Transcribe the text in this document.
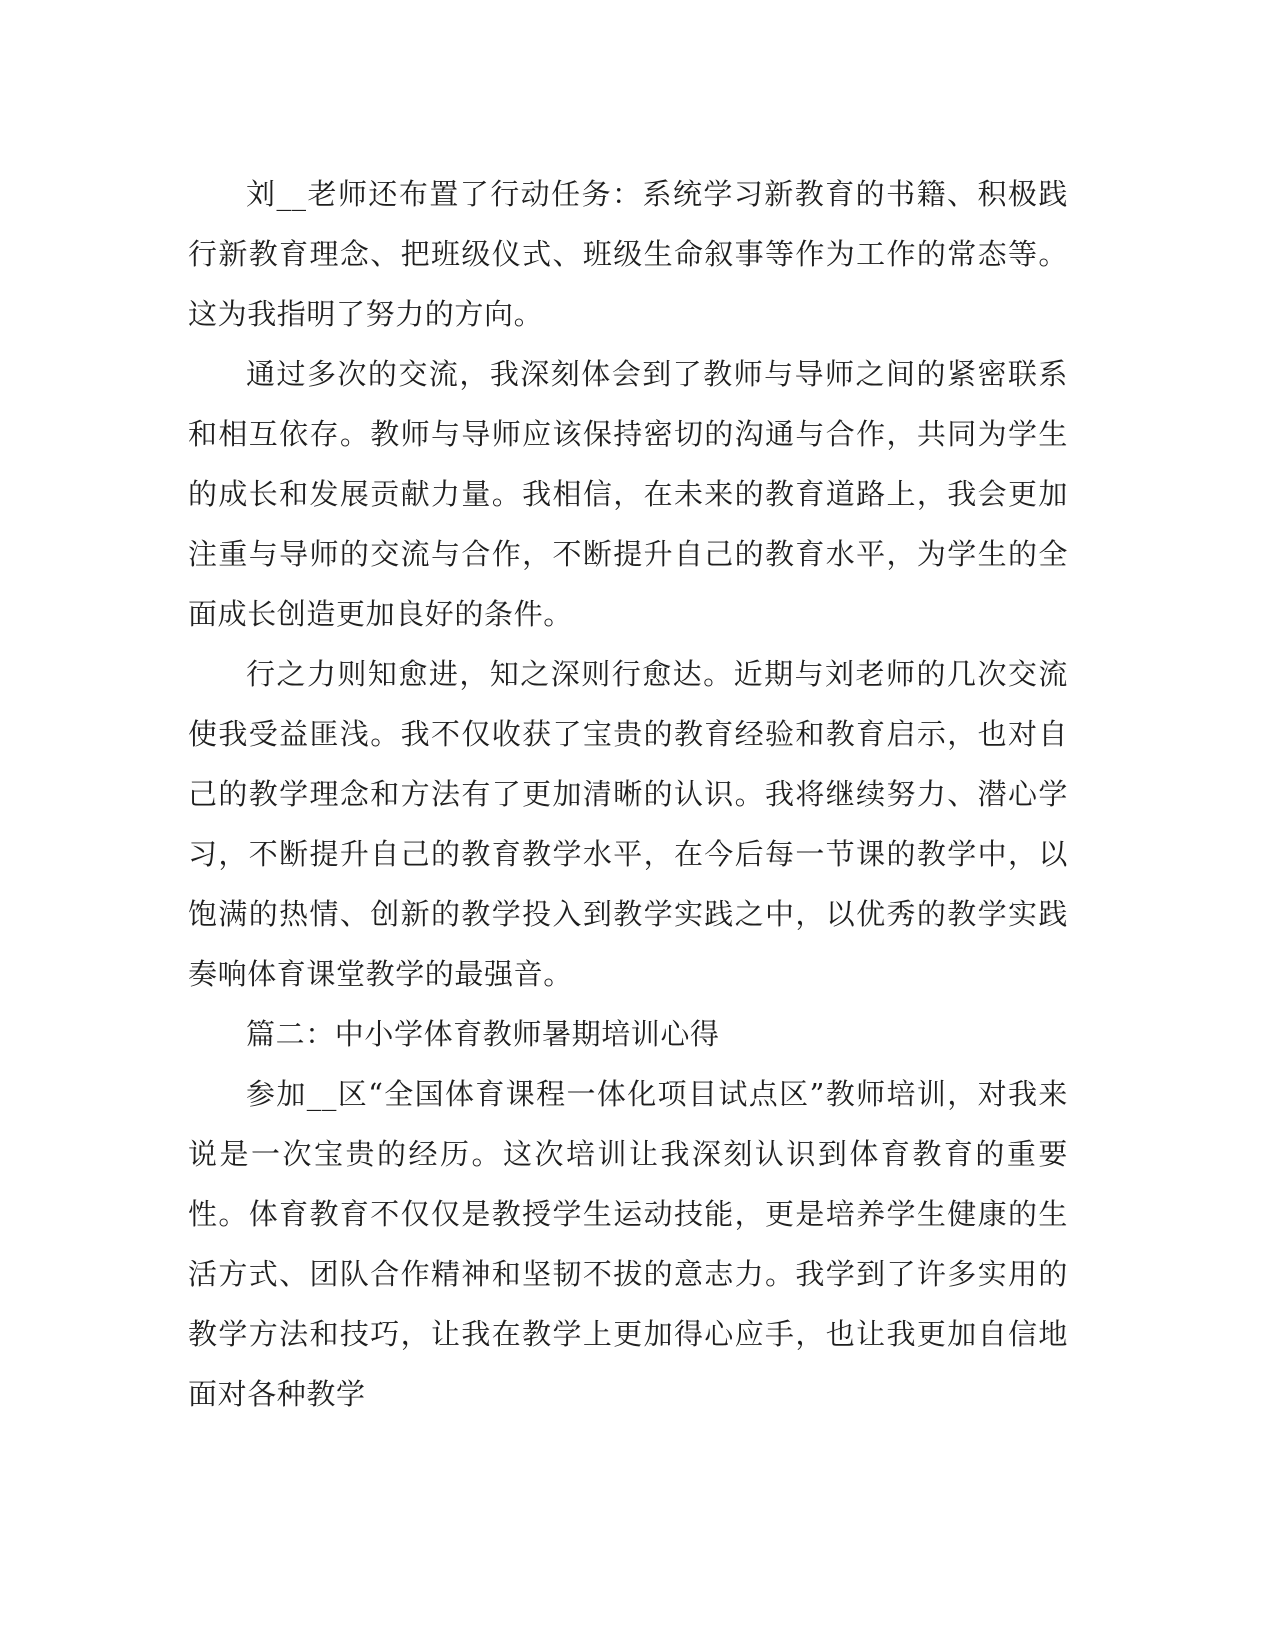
刘__老师还布置了行动任务：系统学习新教育的书籍、积极践行新教育理念、把班级仪式、班级生命叙事等作为工作的常态等。这为我指明了努力的方向。

通过多次的交流，我深刻体会到了教师与导师之间的紧密联系和相互依存。教师与导师应该保持密切的沟通与合作，共同为学生的成长和发展贡献力量。我相信，在未来的教育道路上，我会更加注重与导师的交流与合作，不断提升自己的教育水平，为学生的全面成长创造更加良好的条件。

行之力则知愈进，知之深则行愈达。近期与刘老师的几次交流使我受益匪浅。我不仅收获了宝贵的教育经验和教育启示，也对自己的教学理念和方法有了更加清晰的认识。我将继续努力、潜心学习，不断提升自己的教育教学水平，在今后每一节课的教学中，以饱满的热情、创新的教学投入到教学实践之中，以优秀的教学实践奏响体育课堂教学的最强音。

篇二：中小学体育教师暑期培训心得

参加__区“全国体育课程一体化项目试点区”教师培训，对我来说是一次宝贵的经历。这次培训让我深刻认识到体育教育的重要性。体育教育不仅仅是教授学生运动技能，更是培养学生健康的生活方式、团队合作精神和坚韧不拔的意志力。我学到了许多实用的教学方法和技巧，让我在教学上更加得心应手，也让我更加自信地面对各种教学
